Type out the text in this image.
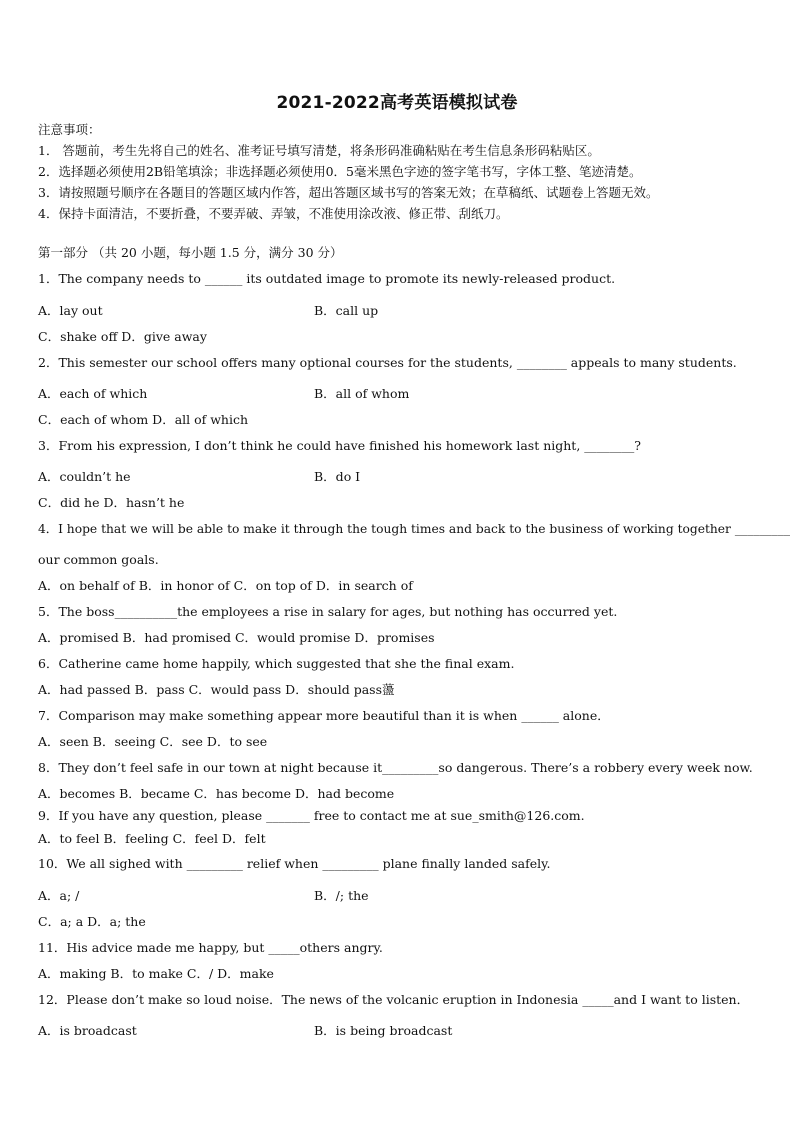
2021-2022高考英语模拟试卷
注意事项：
1． 答题前，考生先将自己的姓名、准考证号填写清楚，将条形码准确粘贴在考生信息条形码粘贴区。
2．选择题必须使用2B铅笔填涂；非选择题必须使用0．5毫米黑色字迹的签字笔书写，字体工整、笔迹清楚。
3．请按照题号顺序在各题目的答题区域内作答，超出答题区域书写的答案无效；在草稿纸、试题卷上答题无效。
4．保持卡面清洁，不要折叠，不要弄破、弄皱，不准使用涂改液、修正带、刮纸刀。
第一部分 （共 20 小题，每小题 1.5 分，满分 30 分）
1．The company needs to ______ its outdated image to promote its newly-released product.
A．lay out	B．call up
C．shake off D．give away
2．This semester our school offers many optional courses for the students, ________ appeals to many students.
A．each of which	B．all of whom
C．each of whom D．all of which
3．From his expression, I don’t think he could have finished his homework last night, ________?
A．couldn’t he	B．do I
C．did he D．hasn’t he
4．I hope that we will be able to make it through the tough times and back to the business of working together _________
our common goals.
A．on behalf of B．in honor of C．on top of D．in search of
5．The boss__________the employees a rise in salary for ages, but nothing has occurred yet.
A．promised B．had promised C．would promise D．promises
6．Catherine came home happily, which suggested that she the final exam.
A．had passed B．pass C．would pass D．should pass蘯
7．Comparison may make something appear more beautiful than it is when ______ alone．
A．seen B．seeing C．see D．to see
8．They don’t feel safe in our town at night because it_________so dangerous. There’s a robbery every week now.
A．becomes B．became C．has become D．had become
9．If you have any question, please _______ free to contact me at sue_smith@126.com.
A．to feel B．feeling C．feel D．felt
10．We all sighed with _________ relief when _________ plane finally landed safely.
A．a; /	B．/; the
C．a; a D．a; the
11．His advice made me happy, but _____others angry.
A．making B．to make C．/ D．make
12．Please don’t make so loud noise．The news of the volcanic eruption in Indonesia _____and I want to listen．
A．is broadcast	B．is being broadcast
